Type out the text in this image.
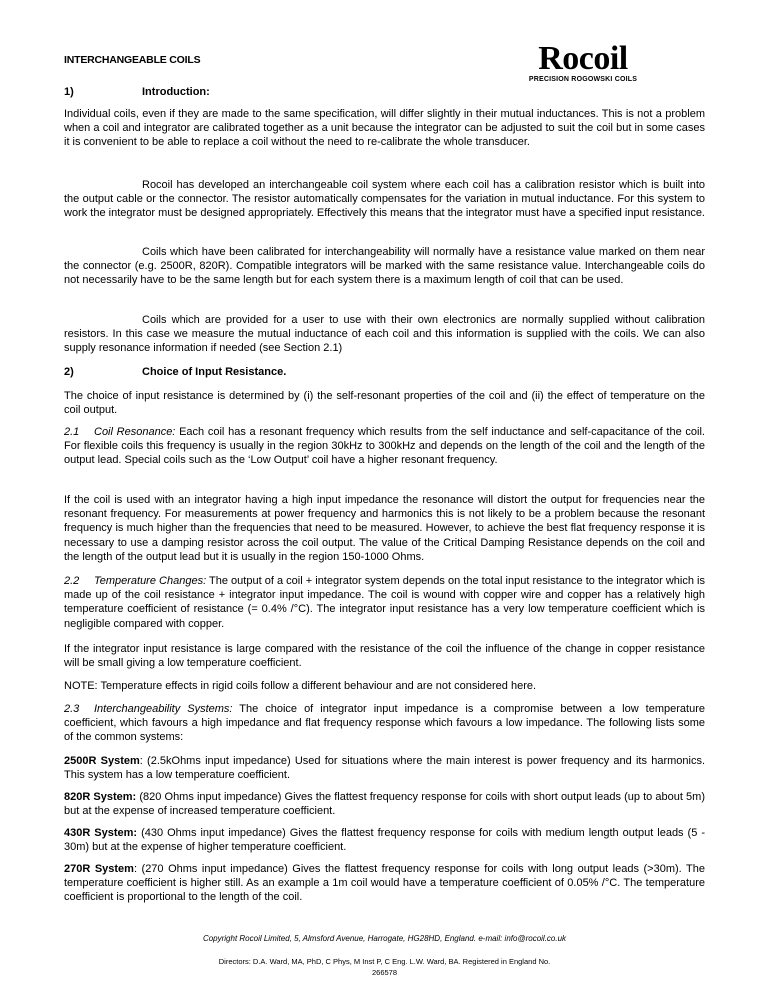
INTERCHANGEABLE COILS	Rocoil
PRECISION ROGOWSKI COILS
1)	Introduction:
Individual coils, even if they are made to the same specification, will differ slightly in their mutual inductances. This is not a problem when a coil and integrator are calibrated together as a unit because the integrator can be adjusted to suit the coil but in some cases it is convenient to be able to replace a coil without the need to re-calibrate the whole transducer.
Rocoil has developed an interchangeable coil system where each coil has a calibration resistor which is built into the output cable or the connector. The resistor automatically compensates for the variation in mutual inductance. For this system to work the integrator must be designed appropriately. Effectively this means that the integrator must have a specified input resistance.
Coils which have been calibrated for interchangeability will normally have a resistance value marked on them near the connector (e.g. 2500R, 820R). Compatible integrators will be marked with the same resistance value. Interchangeable coils do not necessarily have to be the same length but for each system there is a maximum length of coil that can be used.
Coils which are provided for a user to use with their own electronics are normally supplied without calibration resistors. In this case we measure the mutual inductance of each coil and this information is supplied with the coils. We can also supply resonance information if needed (see Section 2.1)
2)	Choice of Input Resistance.
The choice of input resistance is determined by (i) the self-resonant properties of the coil and (ii) the effect of temperature on the coil output.
2.1 Coil Resonance: Each coil has a resonant frequency which results from the self inductance and self-capacitance of the coil. For flexible coils this frequency is usually in the region 30kHz to 300kHz and depends on the length of the coil and the length of the output lead. Special coils such as the ‘Low Output’ coil have a higher resonant frequency.
If the coil is used with an integrator having a high input impedance the resonance will distort the output for frequencies near the resonant frequency. For measurements at power frequency and harmonics this is not likely to be a problem because the resonant frequency is much higher than the frequencies that need to be measured. However, to achieve the best flat frequency response it is necessary to use a damping resistor across the coil output. The value of the Critical Damping Resistance depends on the coil and the length of the output lead but it is usually in the region 150-1000 Ohms.
2.2 Temperature Changes: The output of a coil + integrator system depends on the total input resistance to the integrator which is made up of the coil resistance + integrator input impedance. The coil is wound with copper wire and copper has a relatively high temperature coefficient of resistance (= 0.4% /°C). The integrator input resistance has a very low temperature coefficient which is negligible compared with copper.
If the integrator input resistance is large compared with the resistance of the coil the influence of the change in copper resistance will be small giving a low temperature coefficient.
NOTE: Temperature effects in rigid coils follow a different behaviour and are not considered here.
2.3 Interchangeability Systems: The choice of integrator input impedance is a compromise between a low temperature coefficient, which favours a high impedance and flat frequency response which favours a low impedance. The following lists some of the common systems:
2500R System: (2.5kOhms input impedance) Used for situations where the main interest is power frequency and its harmonics. This system has a low temperature coefficient.
820R System: (820 Ohms input impedance) Gives the flattest frequency response for coils with short output leads (up to about 5m) but at the expense of increased temperature coefficient.
430R System: (430 Ohms input impedance) Gives the flattest frequency response for coils with medium length output leads (5 - 30m) but at the expense of higher temperature coefficient.
270R System: (270 Ohms input impedance) Gives the flattest frequency response for coils with long output leads (>30m). The temperature coefficient is higher still. As an example a 1m coil would have a temperature coefficient of 0.05% /°C. The temperature coefficient is proportional to the length of the coil.
Copyright Rocoil Limited, 5, Almsford Avenue, Harrogate, HG28HD, England. e-mail: info@rocoil.co.uk
Directors: D.A. Ward, MA, PhD, C Phys, M Inst P, C Eng. L.W. Ward, BA. Registered in England No.
266578
